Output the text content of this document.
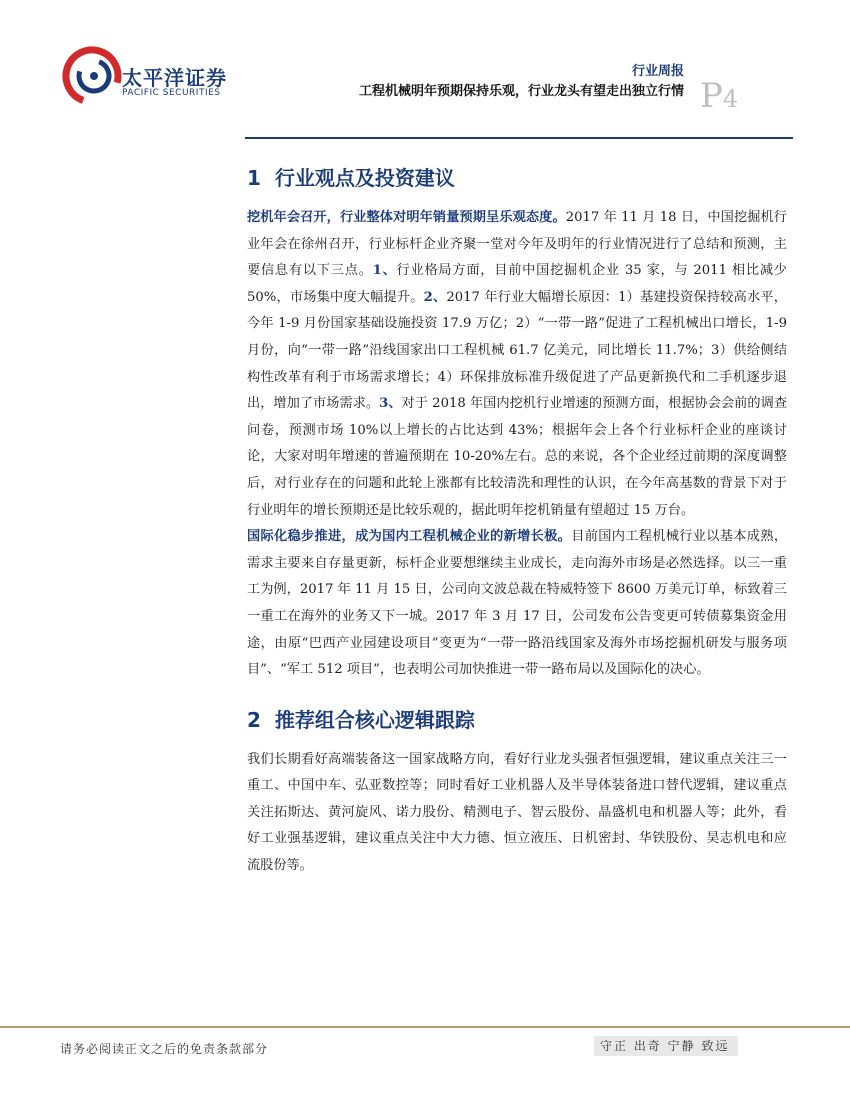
太平洋证券
PACIFIC SECURITIES
行业周报
工程机械明年预期保持乐观，行业龙头有望走出独立行情 P4
1 行业观点及投资建议

挖机年会召开，行业整体对明年销量预期呈乐观态度。2017 年 11 月 18 日，中国挖掘机行业年会在徐州召开，行业标杆企业齐聚一堂对今年及明年的行业情况进行了总结和预测，主要信息有以下三点。1、行业格局方面，目前中国挖掘机企业 35 家，与 2011 相比减少 50%，市场集中度大幅提升。2、2017 年行业大幅增长原因：1）基建投资保持较高水平，今年 1-9 月份国家基础设施投资 17.9 万亿；2）“一带一路”促进了工程机械出口增长，1-9 月份，向“一带一路”沿线国家出口工程机械 61.7 亿美元，同比增长 11.7%；3）供给侧结构性改革有利于市场需求增长；4）环保排放标准升级促进了产品更新换代和二手机逐步退出，增加了市场需求。3、对于 2018 年国内挖机行业增速的预测方面，根据协会会前的调查问卷，预测市场 10%以上增长的占比达到 43%；根据年会上各个行业标杆企业的座谈讨论，大家对明年增速的普遍预期在 10-20%左右。总的来说，各个企业经过前期的深度调整后，对行业存在的问题和此轮上涨都有比较清洗和理性的认识，在今年高基数的背景下对于行业明年的增长预期还是比较乐观的，据此明年挖机销量有望超过 15 万台。

国际化稳步推进，成为国内工程机械企业的新增长极。目前国内工程机械行业以基本成熟，需求主要来自存量更新，标杆企业要想继续主业成长，走向海外市场是必然选择。以三一重工为例，2017 年 11 月 15 日，公司向文波总裁在特威特签下 8600 万美元订单，标致着三一重工在海外的业务又下一城。2017 年 3 月 17 日，公司发布公告变更可转债募集资金用途，由原“巴西产业园建设项目”变更为“一带一路沿线国家及海外市场挖掘机研发与服务项目”、“军工 512 项目”，也表明公司加快推进一带一路布局以及国际化的决心。

2 推荐组合核心逻辑跟踪

我们长期看好高端装备这一国家战略方向，看好行业龙头强者恒强逻辑，建议重点关注三一重工、中国中车、弘亚数控等；同时看好工业机器人及半导体装备进口替代逻辑，建议重点关注拓斯达、黄河旋风、诺力股份、精测电子、智云股份、晶盛机电和机器人等；此外，看好工业强基逻辑，建议重点关注中大力德、恒立液压、日机密封、华铁股份、昊志机电和应流股份等。

请务必阅读正文之后的免责条款部分	守正 出奇 宁静 致远
